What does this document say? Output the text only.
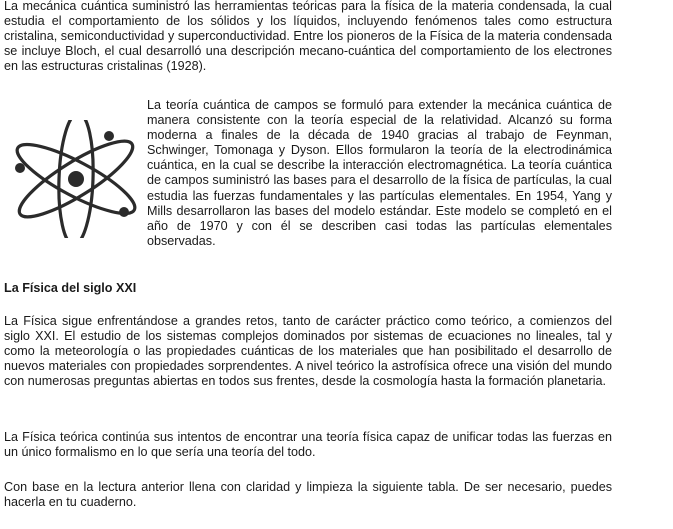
La mecánica cuántica suministró las herramientas teóricas para la física de la materia condensada, la cual estudia el comportamiento de los sólidos y los líquidos, incluyendo fenómenos tales como estructura cristalina, semiconductividad y superconductividad. Entre los pioneros de la Física de la materia condensada se incluye Bloch, el cual desarrolló una descripción mecano-cuántica del comportamiento de los electrones en las estructuras cristalinas (1928).

La teoría cuántica de campos se formuló para extender la mecánica cuántica de manera consistente con la teoría especial de la relatividad. Alcanzó su forma moderna a finales de la década de 1940 gracias al trabajo de Feynman, Schwinger, Tomonaga y Dyson. Ellos formularon la teoría de la electrodinámica cuántica, en la cual se describe la interacción electromagnética. La teoría cuántica de campos suministró las bases para el desarrollo de la física de partículas, la cual estudia las fuerzas fundamentales y las partículas elementales. En 1954, Yang y Mills desarrollaron las bases del modelo estándar. Este modelo se completó en el año de 1970 y con él se describen casi todas las partículas elementales observadas.

La Física del siglo XXI

La Física sigue enfrentándose a grandes retos, tanto de carácter práctico como teórico, a comienzos del siglo XXI. El estudio de los sistemas complejos dominados por sistemas de ecuaciones no lineales, tal y como la meteorología o las propiedades cuánticas de los materiales que han posibilitado el desarrollo de nuevos materiales con propiedades sorprendentes. A nivel teórico la astrofísica ofrece una visión del mundo con numerosas preguntas abiertas en todos sus frentes, desde la cosmología hasta la formación planetaria.

La Física teórica continúa sus intentos de encontrar una teoría física capaz de unificar todas las fuerzas en un único formalismo en lo que sería una teoría del todo.

Con base en la lectura anterior llena con claridad y limpieza la siguiente tabla. De ser necesario, puedes hacerla en tu cuaderno.
